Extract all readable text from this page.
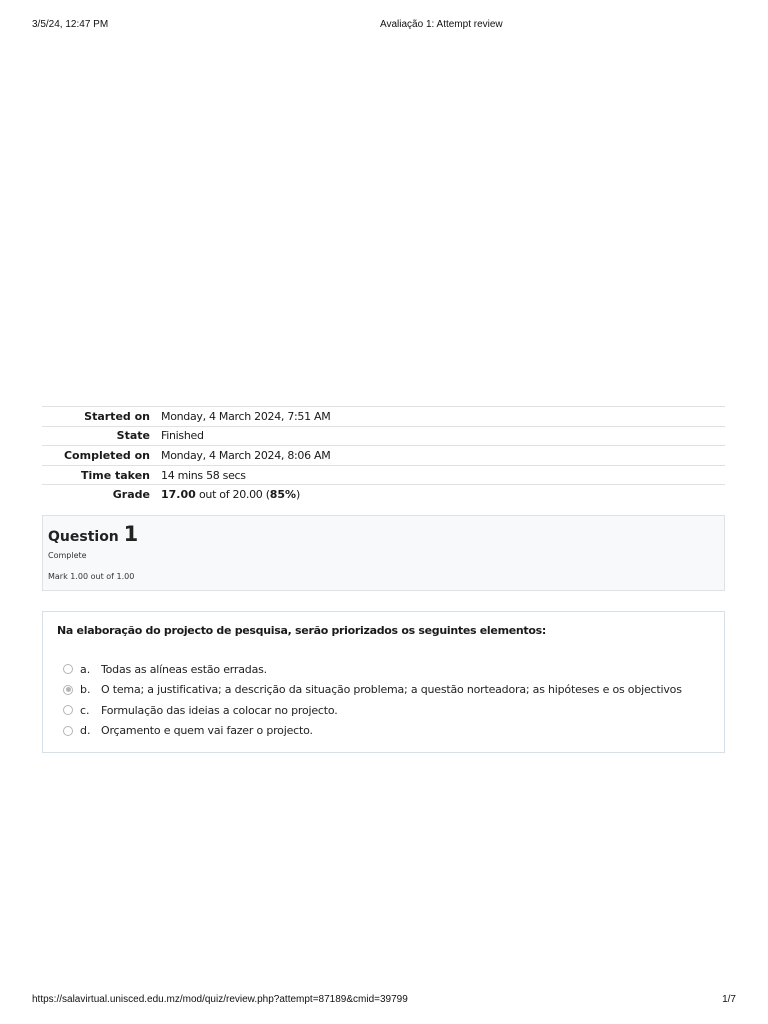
3/5/24, 12:47 PM	Avaliação 1: Attempt review
Started on	Monday, 4 March 2024, 7:51 AM
State	Finished
Completed on	Monday, 4 March 2024, 8:06 AM
Time taken	14 mins 58 secs
Grade	17.00 out of 20.00 (85%)
Question 1
Complete
Mark 1.00 out of 1.00
Na elaboração do projecto de pesquisa, serão priorizados os seguintes elementos:
a. Todas as alíneas estão erradas.
b. O tema; a justificativa; a descrição da situação problema; a questão norteadora; as hipóteses e os objectivos
c.	Formulação das ideias a colocar no projecto.
d. Orçamento e quem vai fazer o projecto.
https://salavirtual.unisced.edu.mz/mod/quiz/review.php?attempt=87189&cmid=39799	1/7
